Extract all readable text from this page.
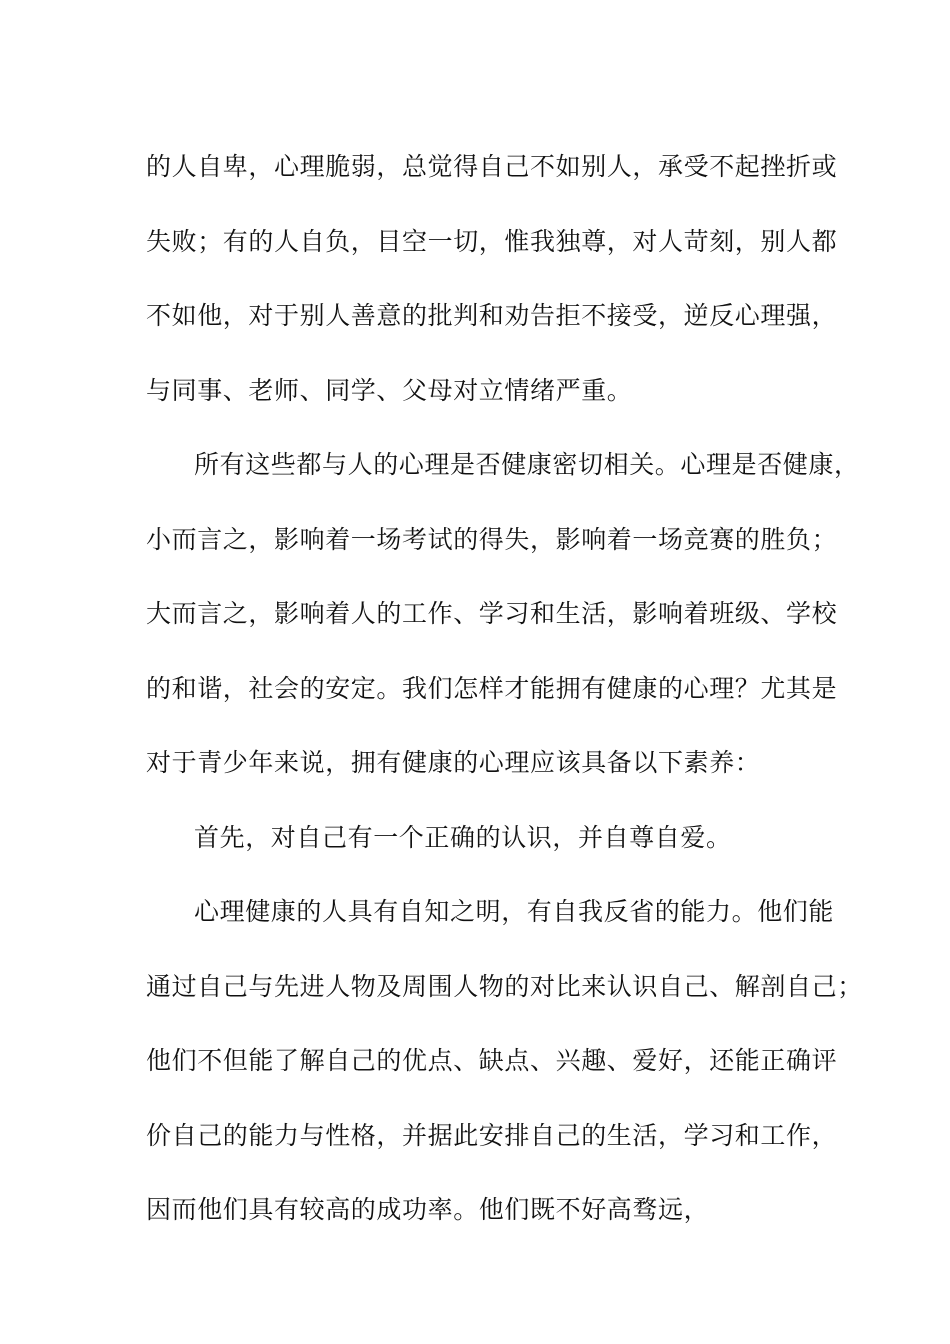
的人自卑，心理脆弱，总觉得自己不如别人，承受不起挫折或
失败；有的人自负，目空一切，惟我独尊，对人苛刻，别人都
不如他，对于别人善意的批判和劝告拒不接受，逆反心理强，
与同事、老师、同学、父母对立情绪严重。
所有这些都与人的心理是否健康密切相关。心理是否健康，
小而言之，影响着一场考试的得失，影响着一场竞赛的胜负；
大而言之，影响着人的工作、学习和生活，影响着班级、学校
的和谐，社会的安定。我们怎样才能拥有健康的心理？尤其是
对于青少年来说，拥有健康的心理应该具备以下素养：
首先，对自己有一个正确的认识，并自尊自爱。
心理健康的人具有自知之明，有自我反省的能力。他们能
通过自己与先进人物及周围人物的对比来认识自己、解剖自己；
他们不但能了解自己的优点、缺点、兴趣、爱好，还能正确评
价自己的能力与性格，并据此安排自己的生活，学习和工作，
因而他们具有较高的成功率。他们既不好高骛远，
